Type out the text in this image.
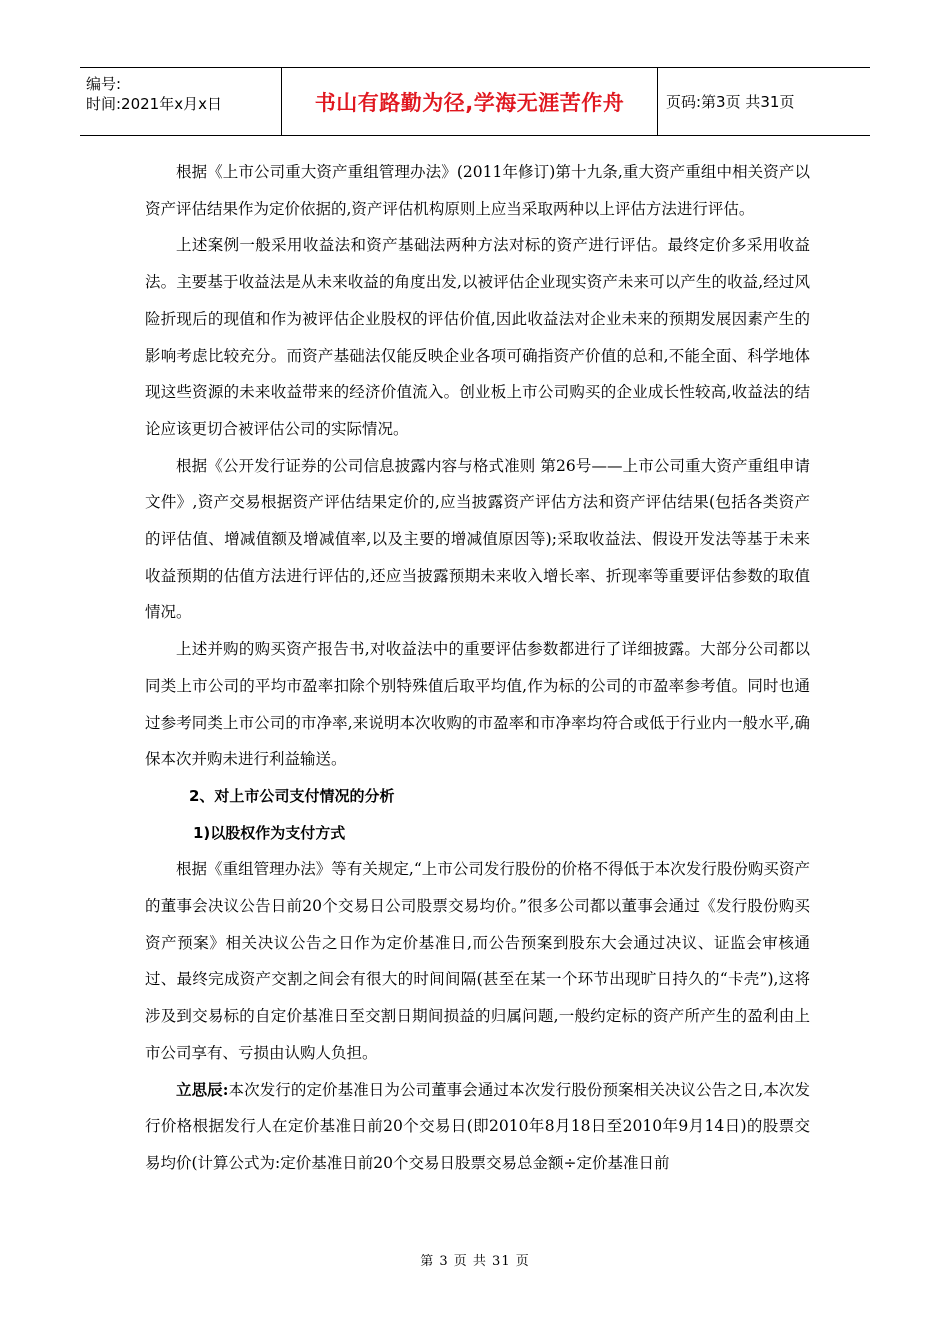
编号:
时间:2021年x月x日	书山有路勤为径,学海无涯苦作舟	页码:第3页 共31页

根据《上市公司重大资产重组管理办法》(2011年修订)第十九条,重大资产重组中相关资产以资产评估结果作为定价依据的,资产评估机构原则上应当采取两种以上评估方法进行评估。

上述案例一般采用收益法和资产基础法两种方法对标的资产进行评估。最终定价多采用收益法。主要基于收益法是从未来收益的角度出发,以被评估企业现实资产未来可以产生的收益,经过风险折现后的现值和作为被评估企业股权的评估价值,因此收益法对企业未来的预期发展因素产生的影响考虑比较充分。而资产基础法仅能反映企业各项可确指资产价值的总和,不能全面、科学地体现这些资源的未来收益带来的经济价值流入。创业板上市公司购买的企业成长性较高,收益法的结论应该更切合被评估公司的实际情况。

根据《公开发行证券的公司信息披露内容与格式准则 第26号——上市公司重大资产重组申请文件》,资产交易根据资产评估结果定价的,应当披露资产评估方法和资产评估结果(包括各类资产的评估值、增减值额及增减值率,以及主要的增减值原因等);采取收益法、假设开发法等基于未来收益预期的估值方法进行评估的,还应当披露预期未来收入增长率、折现率等重要评估参数的取值情况。

上述并购的购买资产报告书,对收益法中的重要评估参数都进行了详细披露。大部分公司都以同类上市公司的平均市盈率扣除个别特殊值后取平均值,作为标的公司的市盈率参考值。同时也通过参考同类上市公司的市净率,来说明本次收购的市盈率和市净率均符合或低于行业内一般水平,确保本次并购未进行利益输送。

2、对上市公司支付情况的分析

1)以股权作为支付方式

根据《重组管理办法》等有关规定,“上市公司发行股份的价格不得低于本次发行股份购买资产的董事会决议公告日前20个交易日公司股票交易均价。”很多公司都以董事会通过《发行股份购买资产预案》相关决议公告之日作为定价基准日,而公告预案到股东大会通过决议、证监会审核通过、最终完成资产交割之间会有很大的时间间隔(甚至在某一个环节出现旷日持久的“卡壳”),这将涉及到交易标的自定价基准日至交割日期间损益的归属问题,一般约定标的资产所产生的盈利由上市公司享有、亏损由认购人负担。

立思辰:本次发行的定价基准日为公司董事会通过本次发行股份预案相关决议公告之日,本次发行价格根据发行人在定价基准日前20个交易日(即2010年8月18日至2010年9月14日)的股票交易均价(计算公式为:定价基准日前20个交易日股票交易总金额÷定价基准日前

第 3 页 共 31 页
